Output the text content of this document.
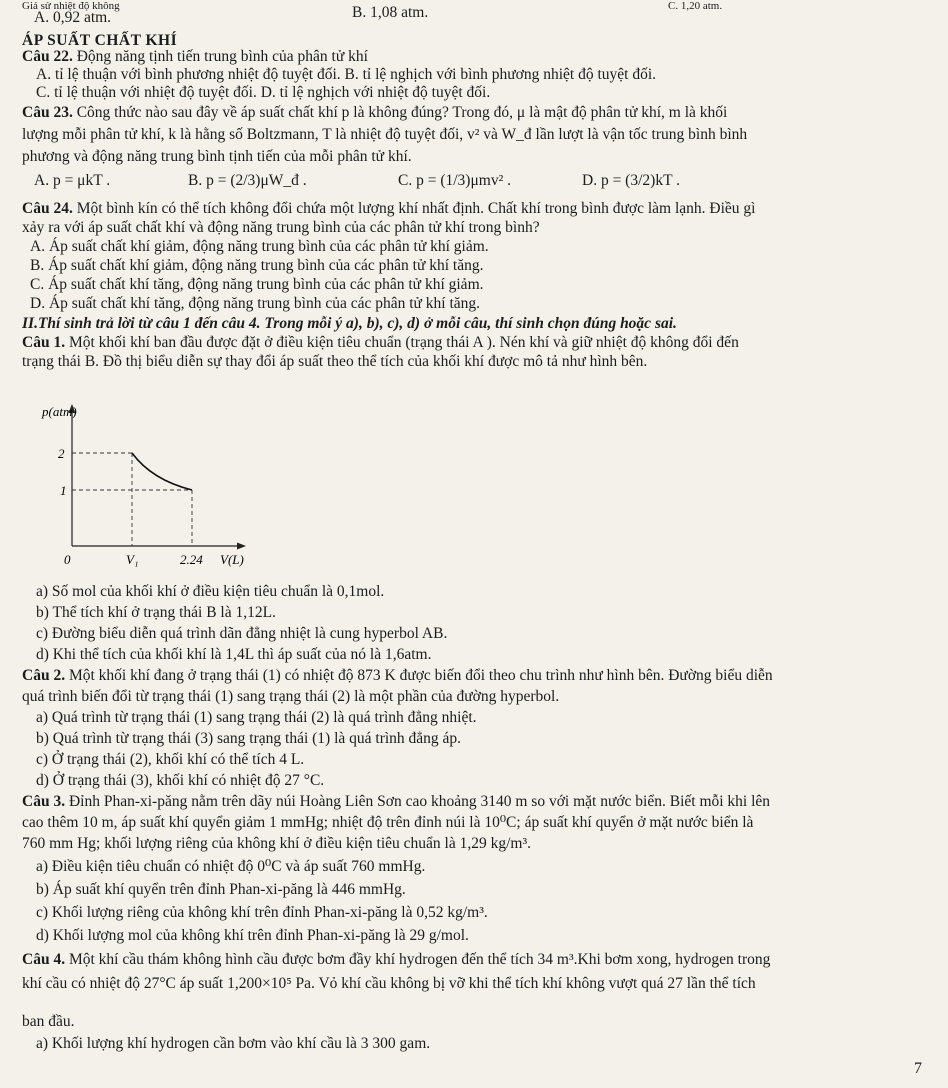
Giả sử nhiệt độ không
A. 0,92 atm.	B. 1,08 atm.	C. 1,20 atm.
ÁP SUẤT CHẤT KHÍ
Câu 22. Động năng tịnh tiến trung bình của phân tử khí
A. tỉ lệ thuận với bình phương nhiệt độ tuyệt đối. B. tỉ lệ nghịch với bình phương nhiệt độ tuyệt đối.
C. tỉ lệ thuận với nhiệt độ tuyệt đối. D. tỉ lệ nghịch với nhiệt độ tuyệt đối.
Câu 23. Công thức nào sau đây về áp suất chất khí p là không đúng? Trong đó, μ là mật độ phân tử khí, m là khối
lượng mỗi phân tử khí, k là hằng số Boltzmann, T là nhiệt độ tuyệt đối, v² và W_đ lần lượt là vận tốc trung bình bình
phương và động năng trung bình tịnh tiến của mỗi phân tử khí.
A. p = μkT .	B. p = (2/3)μW_đ .	C. p = (1/3)μmv² .	D. p = (3/2)kT .
Câu 24. Một bình kín có thể tích không đổi chứa một lượng khí nhất định. Chất khí trong bình được làm lạnh. Điều gì
xảy ra với áp suất chất khí và động năng trung bình của các phân tử khí trong bình?
A. Áp suất chất khí giảm, động năng trung bình của các phân tử khí giảm.
B. Áp suất chất khí giảm, động năng trung bình của các phân tử khí tăng.
C. Áp suất chất khí tăng, động năng trung bình của các phân tử khí giảm.
D. Áp suất chất khí tăng, động năng trung bình của các phân tử khí tăng.
II.Thí sinh trả lời từ câu 1 đến câu 4. Trong mỗi ý a), b), c), d) ở mỗi câu, thí sinh chọn đúng hoặc sai.
Câu 1. Một khối khí ban đầu được đặt ở điều kiện tiêu chuẩn (trạng thái A ). Nén khí và giữ nhiệt độ không đổi đến
trạng thái B. Đồ thị biểu diễn sự thay đổi áp suất theo thể tích của khối khí được mô tả như hình bên.
p(atm)
2
1
0	V₁	2.24 V(L)
a) Số mol của khối khí ở điều kiện tiêu chuẩn là 0,1mol.
b) Thể tích khí ở trạng thái B là 1,12L.
c) Đường biểu diễn quá trình dãn đẳng nhiệt là cung hyperbol AB.
d) Khi thể tích của khối khí là 1,4L thì áp suất của nó là 1,6atm.
Câu 2. Một khối khí đang ở trạng thái (1) có nhiệt độ 873 K được biến đổi theo chu trình như hình bên. Đường biểu diễn
quá trình biến đổi từ trạng thái (1) sang trạng thái (2) là một phần của đường hyperbol.
a) Quá trình từ trạng thái (1) sang trạng thái (2) là quá trình đẳng nhiệt.
b) Quá trình từ trạng thái (3) sang trạng thái (1) là quá trình đẳng áp.
c) Ở trạng thái (2), khối khí có thể tích 4 L.
d) Ở trạng thái (3), khối khí có nhiệt độ 27 °C.
Câu 3. Đỉnh Phan-xi-păng nằm trên dãy núi Hoàng Liên Sơn cao khoảng 3140 m so với mặt nước biển. Biết mỗi khi lên
cao thêm 10 m, áp suất khí quyển giảm 1 mmHg; nhiệt độ trên đỉnh núi là 10⁰C; áp suất khí quyển ở mặt nước biển là
760 mm Hg; khối lượng riêng của không khí ở điều kiện tiêu chuẩn là 1,29 kg/m³.
a) Điều kiện tiêu chuẩn có nhiệt độ 0⁰C và áp suất 760 mmHg.
b) Áp suất khí quyển trên đỉnh Phan-xi-păng là 446 mmHg.
c) Khối lượng riêng của không khí trên đỉnh Phan-xi-păng là 0,52 kg/m³.
d) Khối lượng mol của không khí trên đỉnh Phan-xi-păng là 29 g/mol.
Câu 4. Một khí cầu thám không hình cầu được bơm đầy khí hydrogen đến thể tích 34 m³.Khi bơm xong, hydrogen trong
khí cầu có nhiệt độ 27°C áp suất 1,200×10⁵ Pa. Vỏ khí cầu không bị vỡ khi thể tích khí không vượt quá 27 lần thể tích
ban đầu.
a) Khối lượng khí hydrogen cần bơm vào khí cầu là 3 300 gam.
7
